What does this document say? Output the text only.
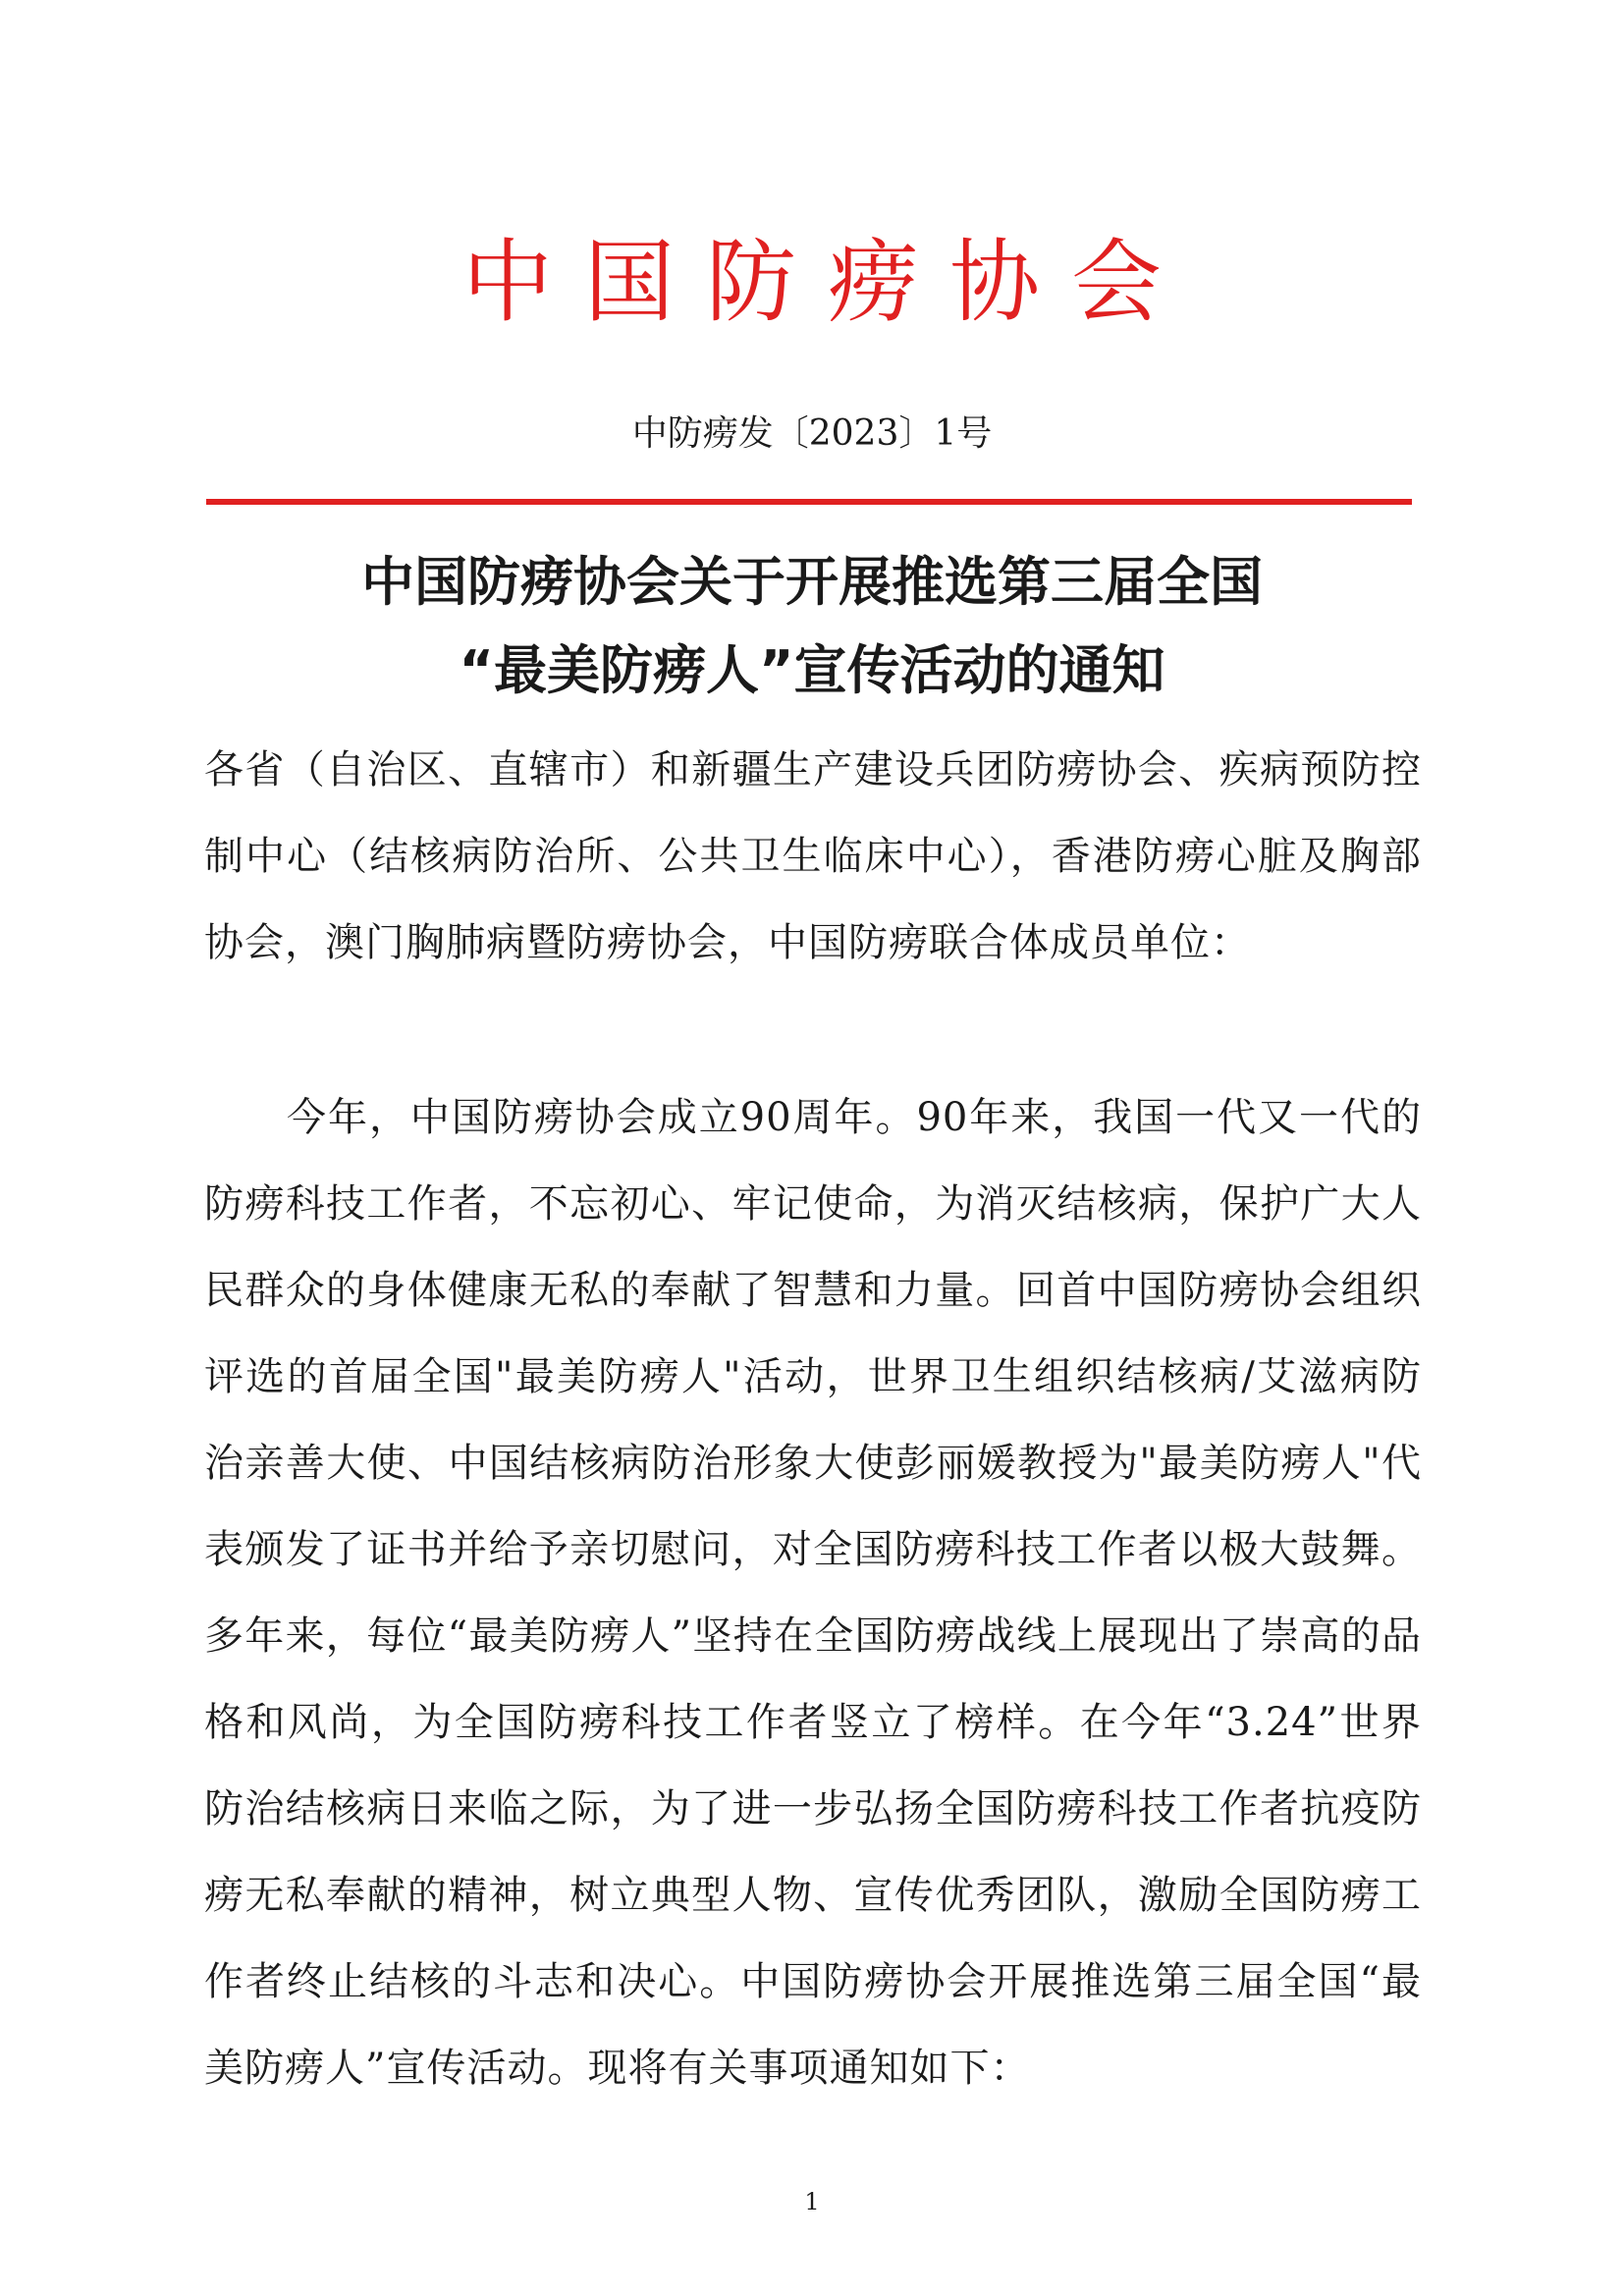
中国防痨协会
中防痨发〔2023〕1号
中国防痨协会关于开展推选第三届全国
“最美防痨人”宣传活动的通知
各省（自治区、直辖市）和新疆生产建设兵团防痨协会、疾病预防控制中心（结核病防治所、公共卫生临床中心），香港防痨心脏及胸部协会，澳门胸肺病暨防痨协会，中国防痨联合体成员单位：
今年，中国防痨协会成立90周年。90年来，我国一代又一代的防痨科技工作者，不忘初心、牢记使命，为消灭结核病，保护广大人民群众的身体健康无私的奉献了智慧和力量。回首中国防痨协会组织评选的首届全国"最美防痨人"活动，世界卫生组织结核病/艾滋病防治亲善大使、中国结核病防治形象大使彭丽媛教授为"最美防痨人"代表颁发了证书并给予亲切慰问，对全国防痨科技工作者以极大鼓舞。多年来，每位“最美防痨人”坚持在全国防痨战线上展现出了崇高的品格和风尚，为全国防痨科技工作者竖立了榜样。在今年“3.24”世界防治结核病日来临之际，为了进一步弘扬全国防痨科技工作者抗疫防痨无私奉献的精神，树立典型人物、宣传优秀团队，激励全国防痨工作者终止结核的斗志和决心。中国防痨协会开展推选第三届全国“最美防痨人”宣传活动。现将有关事项通知如下：
1
